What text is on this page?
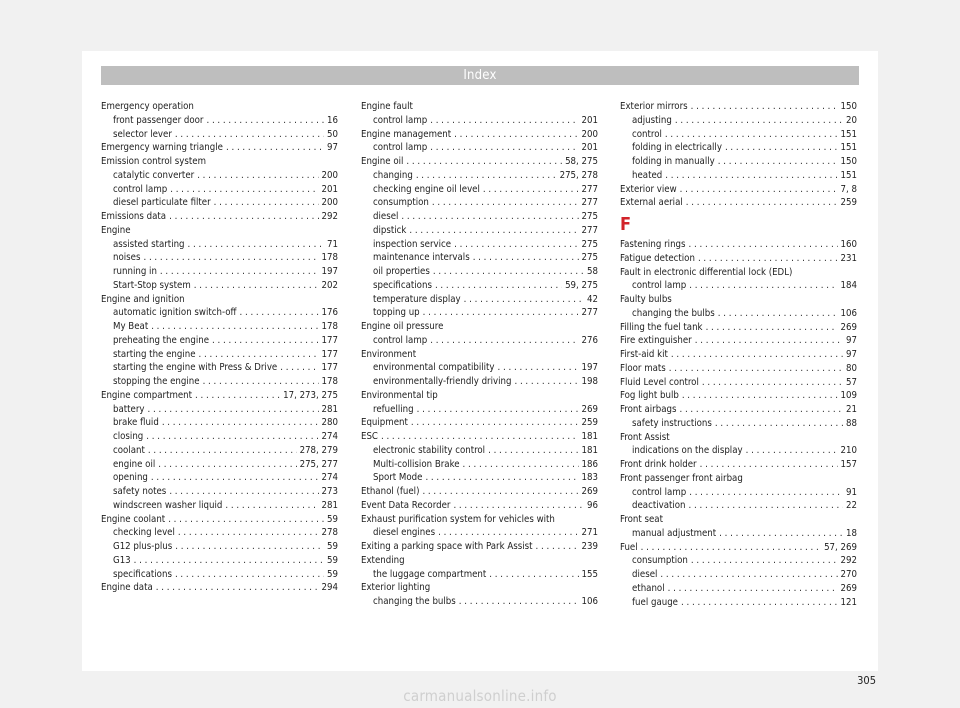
Index
Emergency operation
front passenger door . . .	16
selector lever . . .	50
Emergency warning triangle . . .	97
Emission control system
catalytic converter . . .	200
control lamp . . .	201
diesel particulate filter . . .	200
Emissions data . . .	292
Engine
assisted starting . . .	71
noises . . .	178
running in . . .	197
Start-Stop system . . .	202
Engine and ignition
automatic ignition switch-off . . .	176
My Beat . . .	178
preheating the engine . . .	177
starting the engine . . .	177
starting the engine with Press & Drive . . .	177
stopping the engine . . .	178
Engine compartment . . .	17, 273, 275
battery . . .	281
brake fluid . . .	280
closing . . .	274
coolant . . .	278, 279
engine oil . . .	275, 277
opening . . .	274
safety notes . . .	273
windscreen washer liquid . . .	281
Engine coolant . . .	59
checking level . . .	278
G12 plus-plus . . .	59
G13 . . .	59
specifications . . .	59
Engine data . . .	294
Engine fault
control lamp . . .	201
Engine management . . .	200
control lamp . . .	201
Engine oil . . .	58, 275
changing . . .	275, 278
checking engine oil level . . .	277
consumption . . .	277
diesel . . .	275
dipstick . . .	277
inspection service . . .	275
maintenance intervals . . .	275
oil properties . . .	58
specifications . . .	59, 275
temperature display . . .	42
topping up . . .	277
Engine oil pressure
control lamp . . .	276
Environment
environmental compatibility . . .	197
environmentally-friendly driving . . .	198
Environmental tip
refuelling . . .	269
Equipment . . .	259
ESC . . .	181
electronic stability control . . .	181
Multi-collision Brake . . .	186
Sport Mode . . .	183
Ethanol (fuel) . . .	269
Event Data Recorder . . .	96
Exhaust purification system for vehicles with
diesel engines . . .	271
Exiting a parking space with Park Assist . . .	239
Extending
the luggage compartment . . .	155
Exterior lighting
changing the bulbs . . .	106
Exterior mirrors . . .	150
adjusting . . .	20
control . . .	151
folding in electrically . . .	151
folding in manually . . .	150
heated . . .	151
Exterior view . . .	7, 8
External aerial . . .	259
F
Fastening rings . . .	160
Fatigue detection . . .	231
Fault in electronic differential lock (EDL)
control lamp . . .	184
Faulty bulbs
changing the bulbs . . .	106
Filling the fuel tank . . .	269
Fire extinguisher . . .	97
First-aid kit . . .	97
Floor mats . . .	80
Fluid Level control . . .	57
Fog light bulb . . .	109
Front airbags . . .	21
safety instructions . . .	88
Front Assist
indications on the display . . .	210
Front drink holder . . .	157
Front passenger front airbag
control lamp . . .	91
deactivation . . .	22
Front seat
manual adjustment . . .	18
Fuel . . .	57, 269
consumption . . .	292
diesel . . .	270
ethanol . . .	269
fuel gauge . . .	121
305
carmanualsonline.info
